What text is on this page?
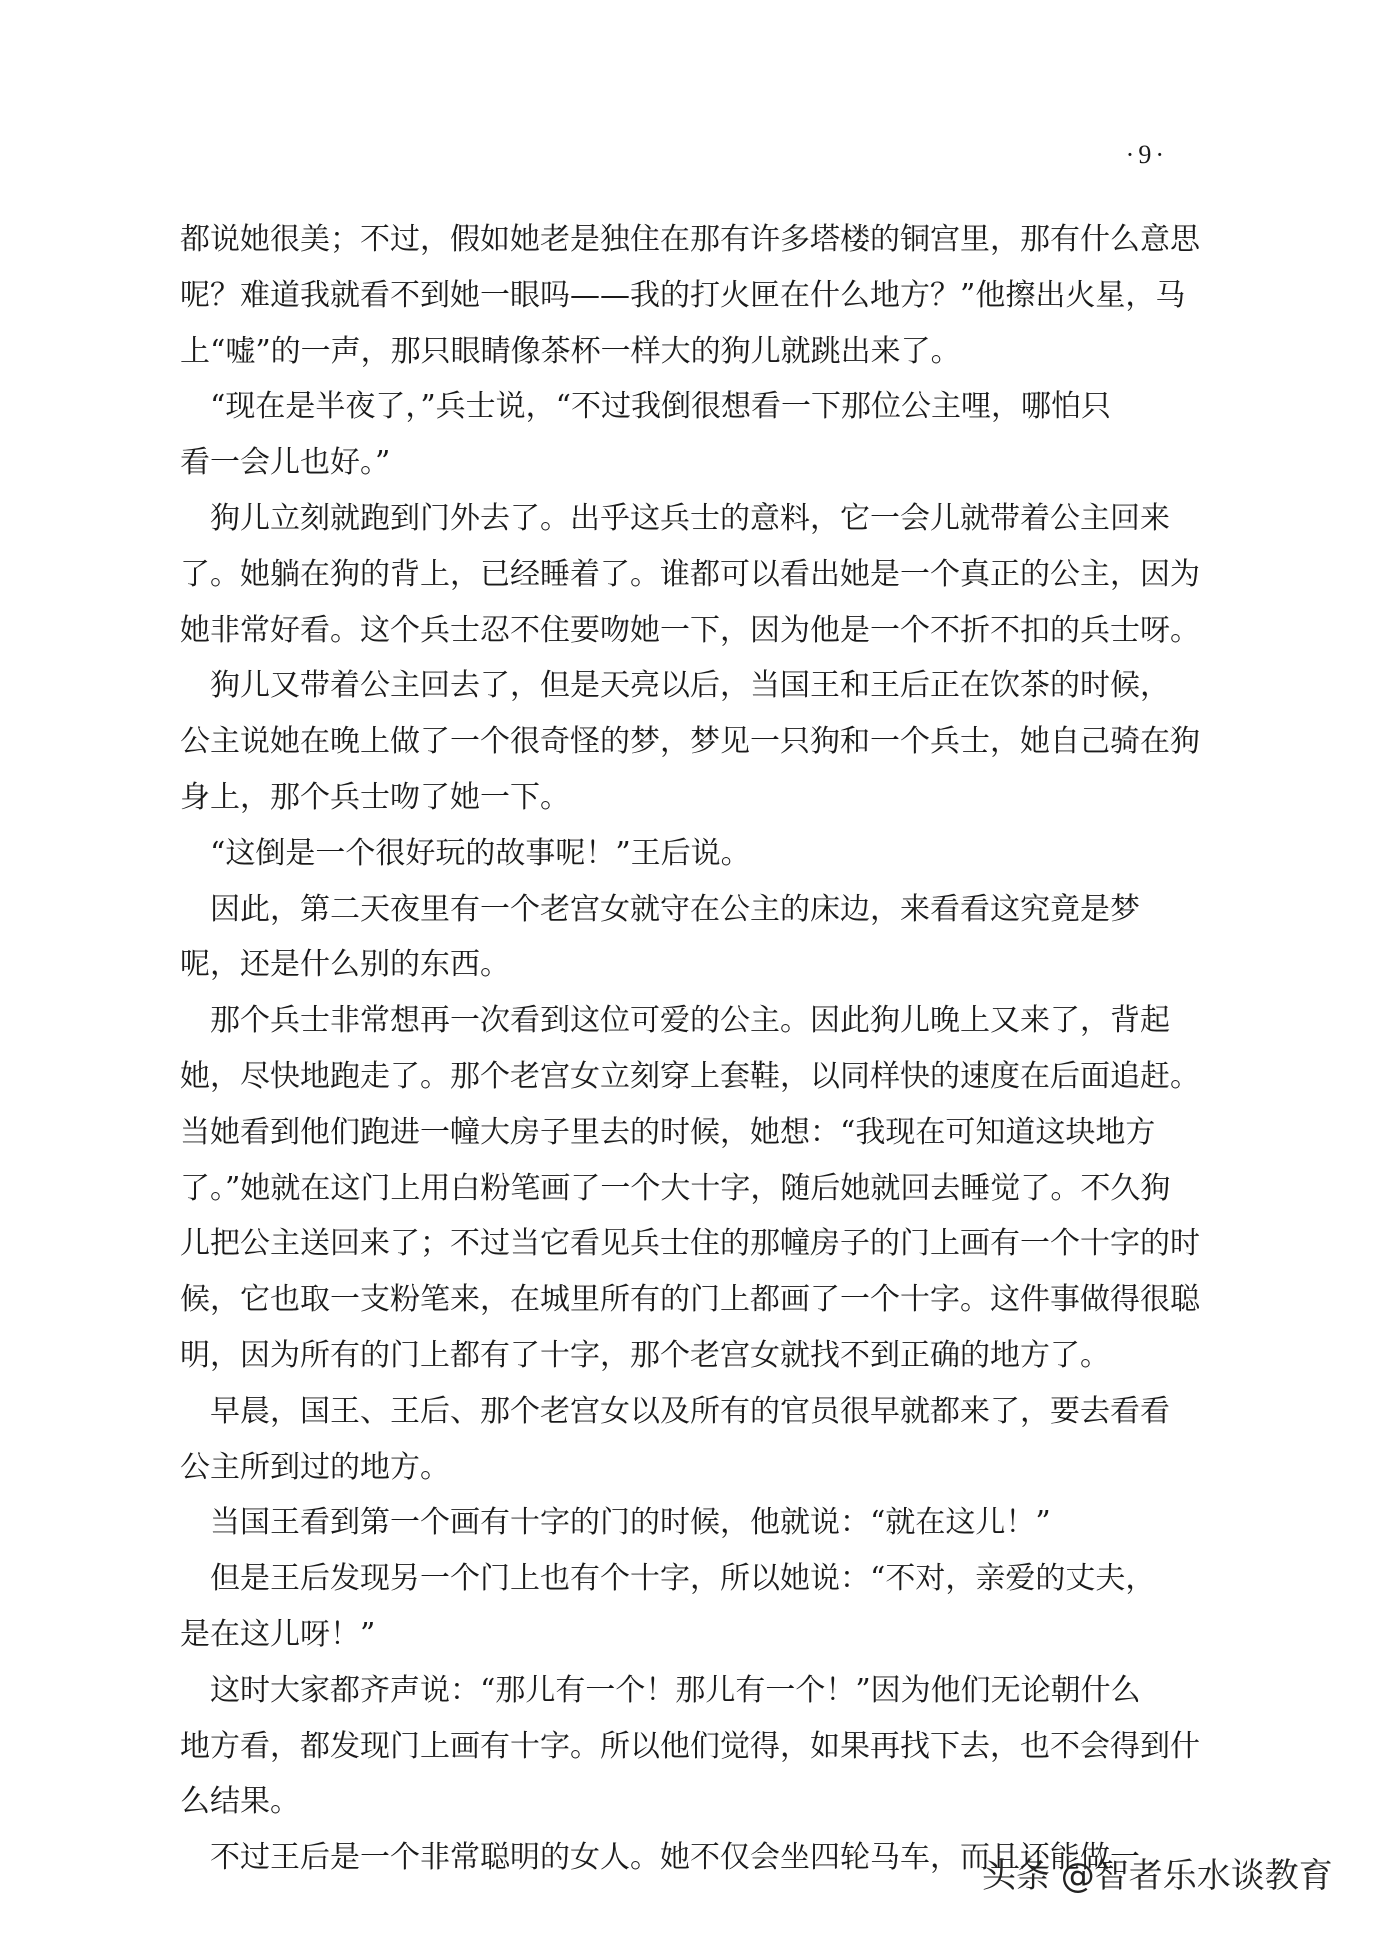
·9·
都说她很美；不过，假如她老是独住在那有许多塔楼的铜宫里，那有什么意思
呢？难道我就看不到她一眼吗——我的打火匣在什么地方？”他擦出火星，马
上“嘘”的一声，那只眼睛像茶杯一样大的狗儿就跳出来了。
　“现在是半夜了，”兵士说，“不过我倒很想看一下那位公主哩，哪怕只
看一会儿也好。”
　狗儿立刻就跑到门外去了。出乎这兵士的意料，它一会儿就带着公主回来
了。她躺在狗的背上，已经睡着了。谁都可以看出她是一个真正的公主，因为
她非常好看。这个兵士忍不住要吻她一下，因为他是一个不折不扣的兵士呀。
　狗儿又带着公主回去了，但是天亮以后，当国王和王后正在饮茶的时候，
公主说她在晚上做了一个很奇怪的梦，梦见一只狗和一个兵士，她自己骑在狗
身上，那个兵士吻了她一下。
　“这倒是一个很好玩的故事呢！”王后说。
　因此，第二天夜里有一个老宫女就守在公主的床边，来看看这究竟是梦
呢，还是什么别的东西。
　那个兵士非常想再一次看到这位可爱的公主。因此狗儿晚上又来了，背起
她，尽快地跑走了。那个老宫女立刻穿上套鞋，以同样快的速度在后面追赶。
当她看到他们跑进一幢大房子里去的时候，她想：“我现在可知道这块地方
了。”她就在这门上用白粉笔画了一个大十字，随后她就回去睡觉了。不久狗
儿把公主送回来了；不过当它看见兵士住的那幢房子的门上画有一个十字的时
候，它也取一支粉笔来，在城里所有的门上都画了一个十字。这件事做得很聪
明，因为所有的门上都有了十字，那个老宫女就找不到正确的地方了。
　早晨，国王、王后、那个老宫女以及所有的官员很早就都来了，要去看看
公主所到过的地方。
　当国王看到第一个画有十字的门的时候，他就说：“就在这儿！”
　但是王后发现另一个门上也有个十字，所以她说：“不对，亲爱的丈夫，
是在这儿呀！”
　这时大家都齐声说：“那儿有一个！那儿有一个！”因为他们无论朝什么
地方看，都发现门上画有十字。所以他们觉得，如果再找下去，也不会得到什
么结果。
　不过王后是一个非常聪明的女人。她不仅会坐四轮马车，而且还能做一
头条 @智者乐水谈教育
